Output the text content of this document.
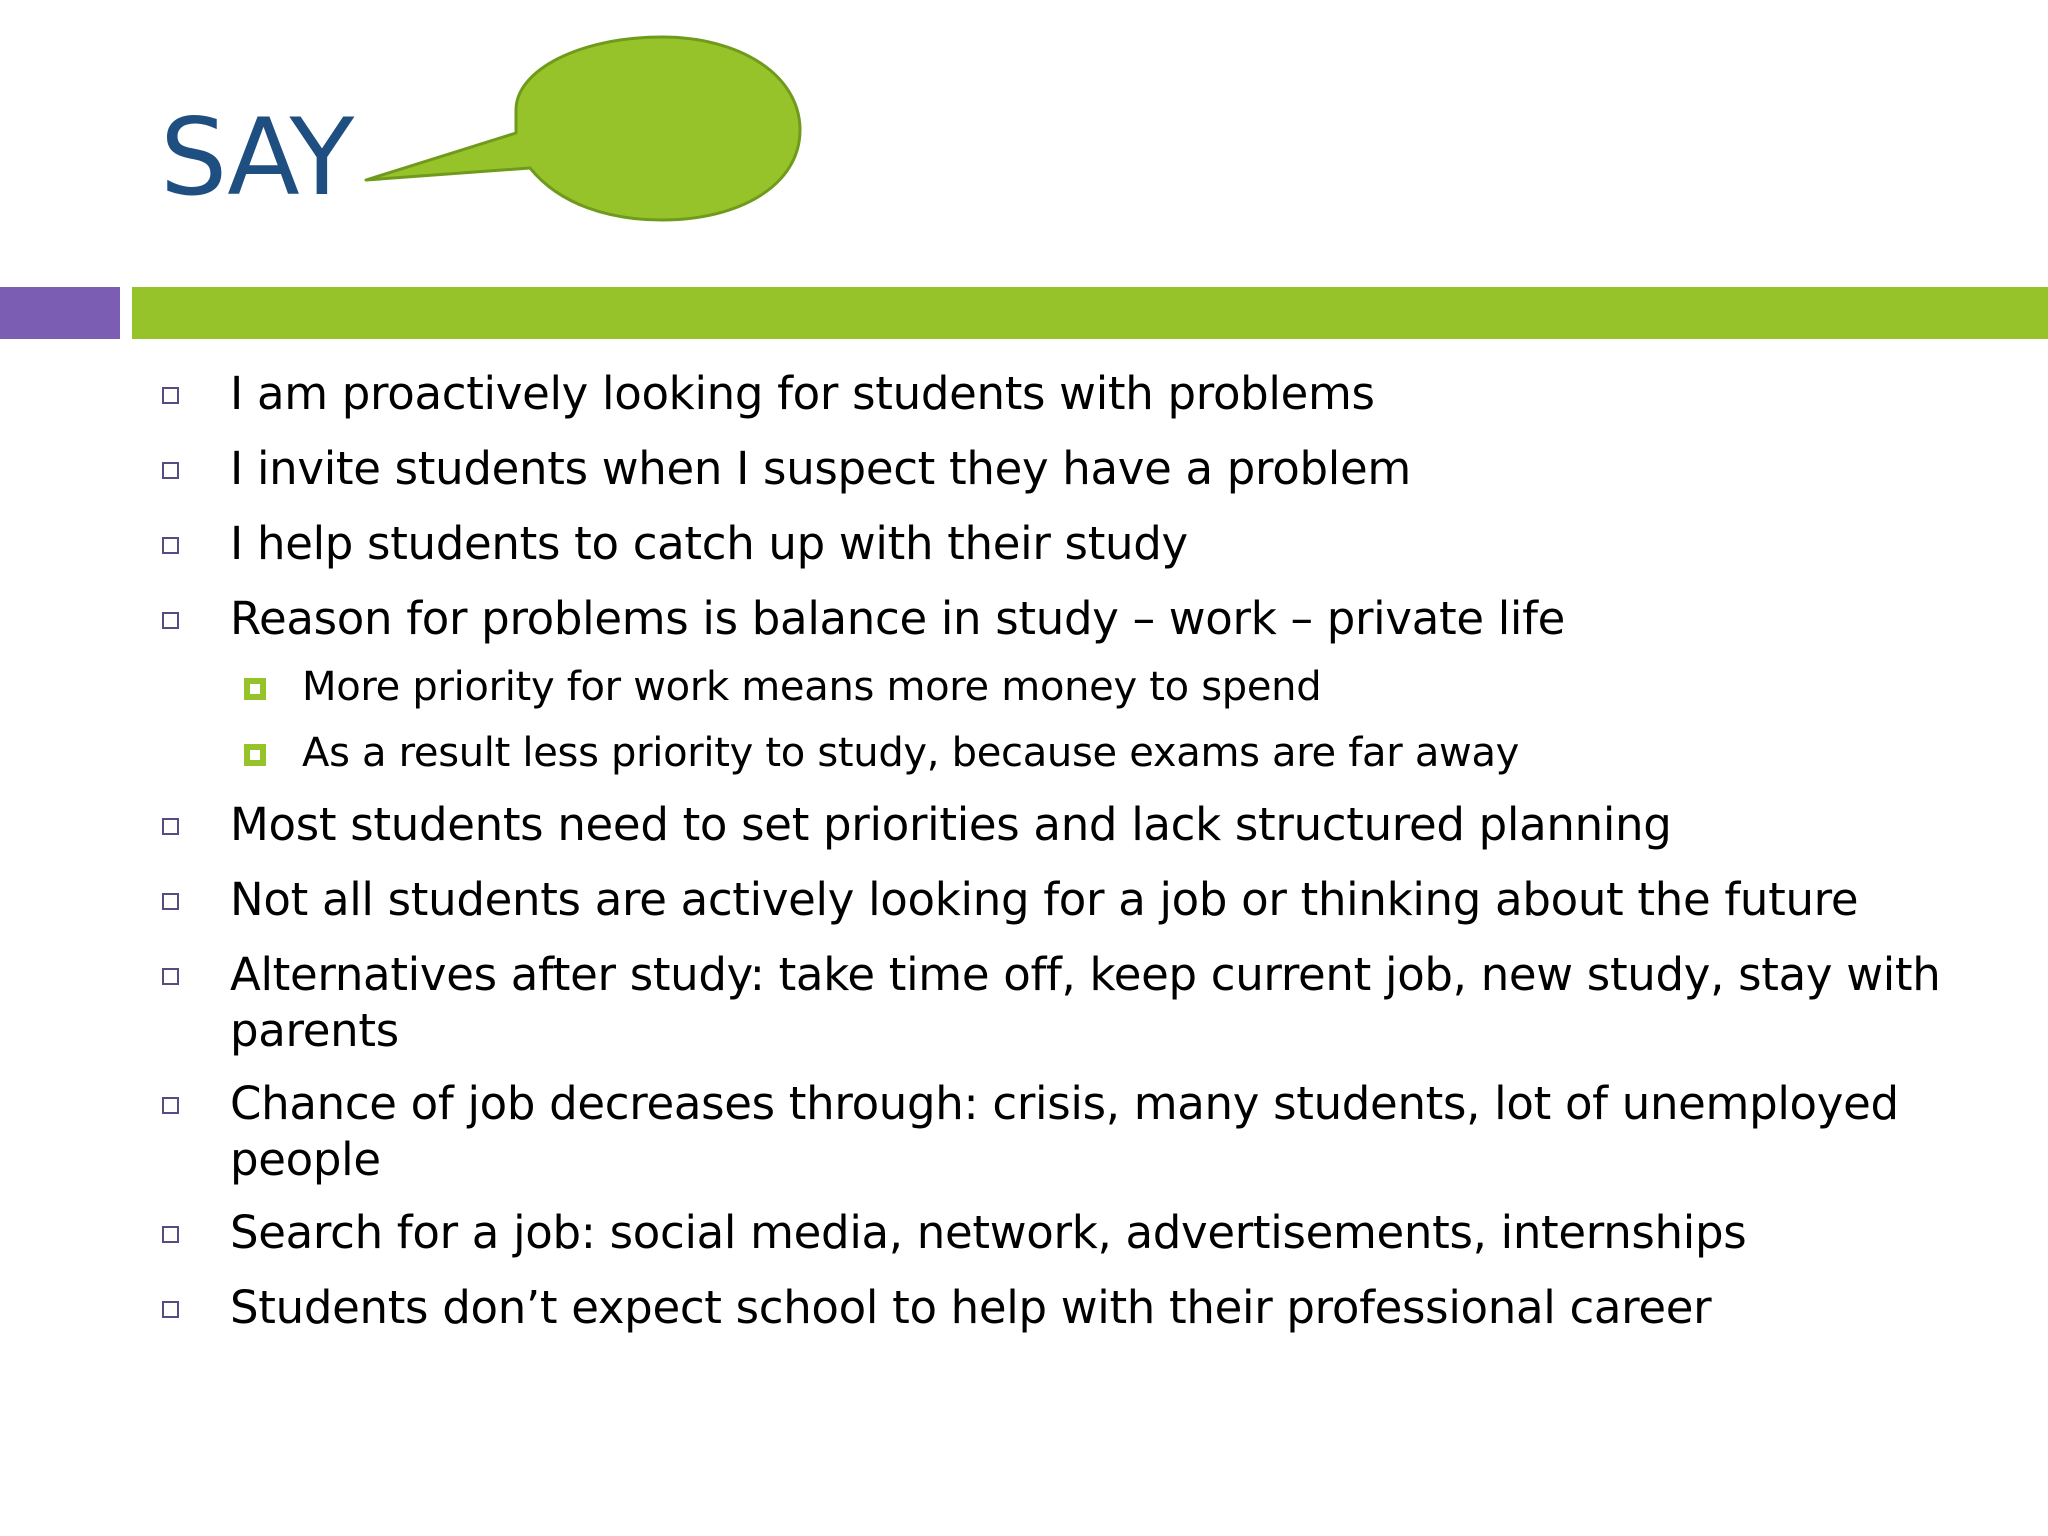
SAY
I am proactively looking for students with problems
I invite students when I suspect they have a problem
I help students to catch up with their study
Reason for problems is balance in study – work – private life
More priority for work means more money to spend
As a result less priority to study, because exams are far away
Most students need to set priorities and lack structured planning
Not all students are actively looking for a job or thinking about the future
Alternatives after study: take time off, keep current job, new study, stay with parents
Chance of job decreases through: crisis, many students, lot of unemployed people
Search for a job: social media, network, advertisements, internships
Students don’t expect school to help with their professional career
